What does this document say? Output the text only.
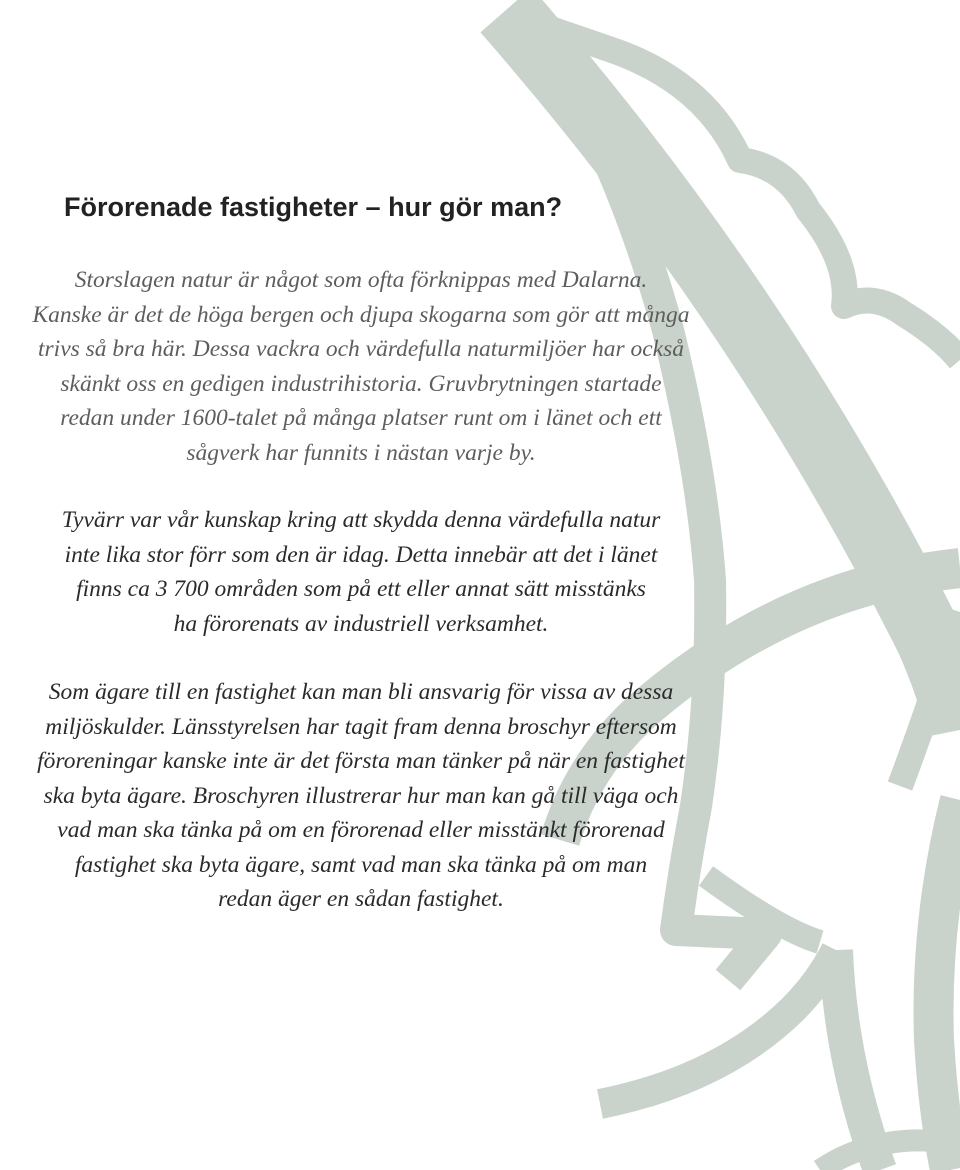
Förorenade fastigheter – hur gör man?
Storslagen natur är något som ofta förknippas med Dalarna.
Kanske är det de höga bergen och djupa skogarna som gör att många
trivs så bra här. Dessa vackra och värdefulla naturmiljöer har också
skänkt oss en gedigen industrihistoria. Gruvbrytningen startade
redan under 1600-talet på många platser runt om i länet och ett
sågverk har funnits i nästan varje by.
Tyvärr var vår kunskap kring att skydda denna värdefulla natur
inte lika stor förr som den är idag. Detta innebär att det i länet
finns ca 3 700 områden som på ett eller annat sätt misstänks
ha förorenats av industriell verksamhet.
Som ägare till en fastighet kan man bli ansvarig för vissa av dessa
miljöskulder. Länsstyrelsen har tagit fram denna broschyr eftersom
föroreningar kanske inte är det första man tänker på när en fastighet
ska byta ägare. Broschyren illustrerar hur man kan gå till väga och
vad man ska tänka på om en förorenad eller misstänkt förorenad
fastighet ska byta ägare, samt vad man ska tänka på om man
redan äger en sådan fastighet.
